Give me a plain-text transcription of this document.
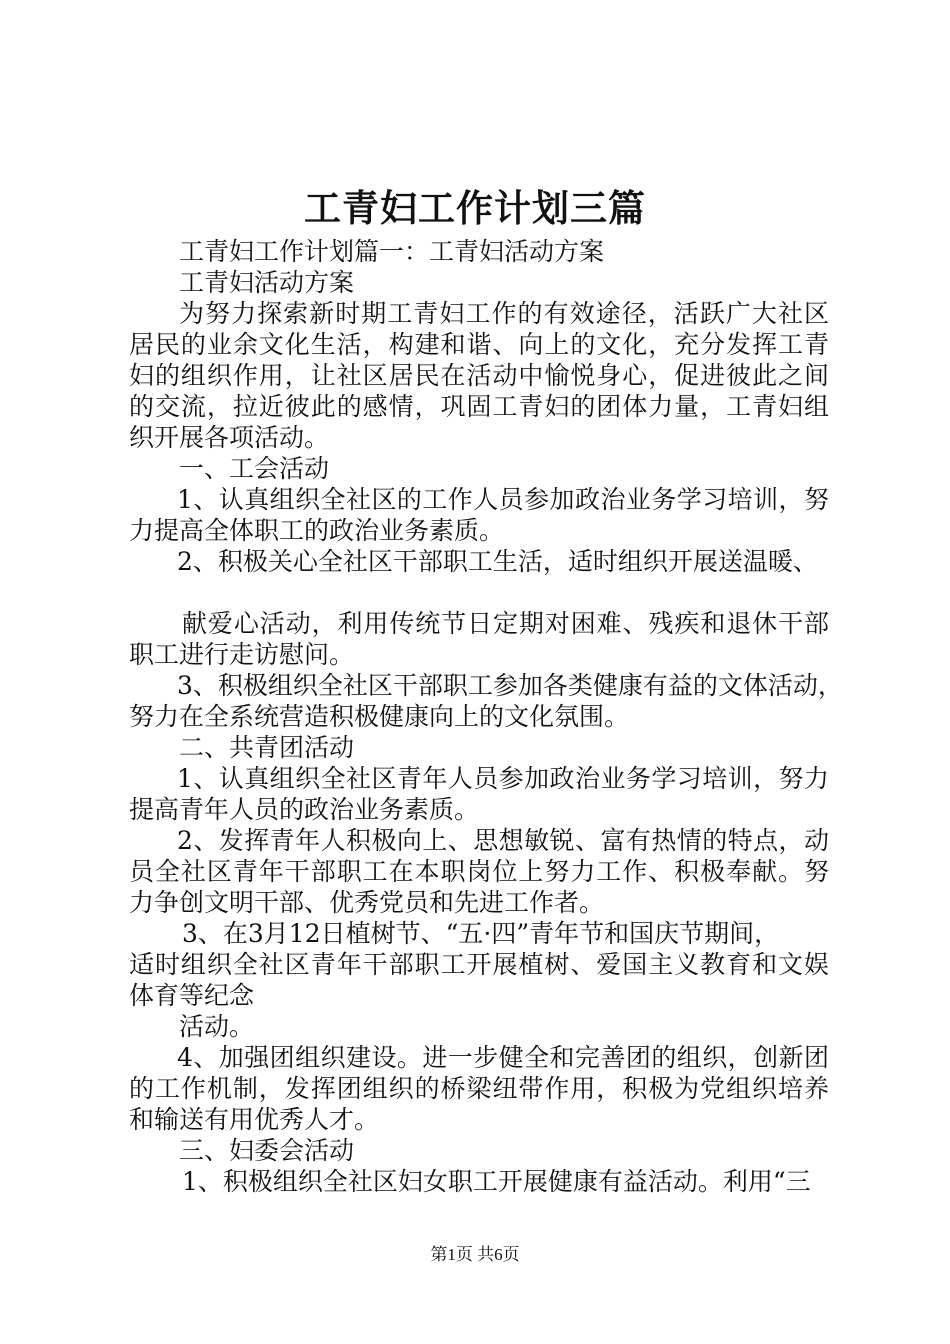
工青妇工作计划三篇
工青妇工作计划篇一：工青妇活动方案
工青妇活动方案
为努力探索新时期工青妇工作的有效途径，活跃广大社区
居民的业余文化生活，构建和谐、向上的文化，充分发挥工青
妇的组织作用，让社区居民在活动中愉悦身心，促进彼此之间
的交流，拉近彼此的感情，巩固工青妇的团体力量，工青妇组
织开展各项活动。
一、工会活动
1、认真组织全社区的工作人员参加政治业务学习培训，努
力提高全体职工的政治业务素质。
2、积极关心全社区干部职工生活，适时组织开展送温暖、
献爱心活动，利用传统节日定期对困难、残疾和退休干部
职工进行走访慰问。
3、积极组织全社区干部职工参加各类健康有益的文体活动，
努力在全系统营造积极健康向上的文化氛围。
二、共青团活动
1、认真组织全社区青年人员参加政治业务学习培训，努力
提高青年人员的政治业务素质。
2、发挥青年人积极向上、思想敏锐、富有热情的特点，动
员全社区青年干部职工在本职岗位上努力工作、积极奉献。努
力争创文明干部、优秀党员和先进工作者。
3、在3月12日植树节、“五·四”青年节和国庆节期间，
适时组织全社区青年干部职工开展植树、爱国主义教育和文娱
体育等纪念
活动。
4、加强团组织建设。进一步健全和完善团的组织，创新团
的工作机制，发挥团组织的桥梁纽带作用，积极为党组织培养
和输送有用优秀人才。
三、妇委会活动
1、积极组织全社区妇女职工开展健康有益活动。利用“三
第1页 共6页
